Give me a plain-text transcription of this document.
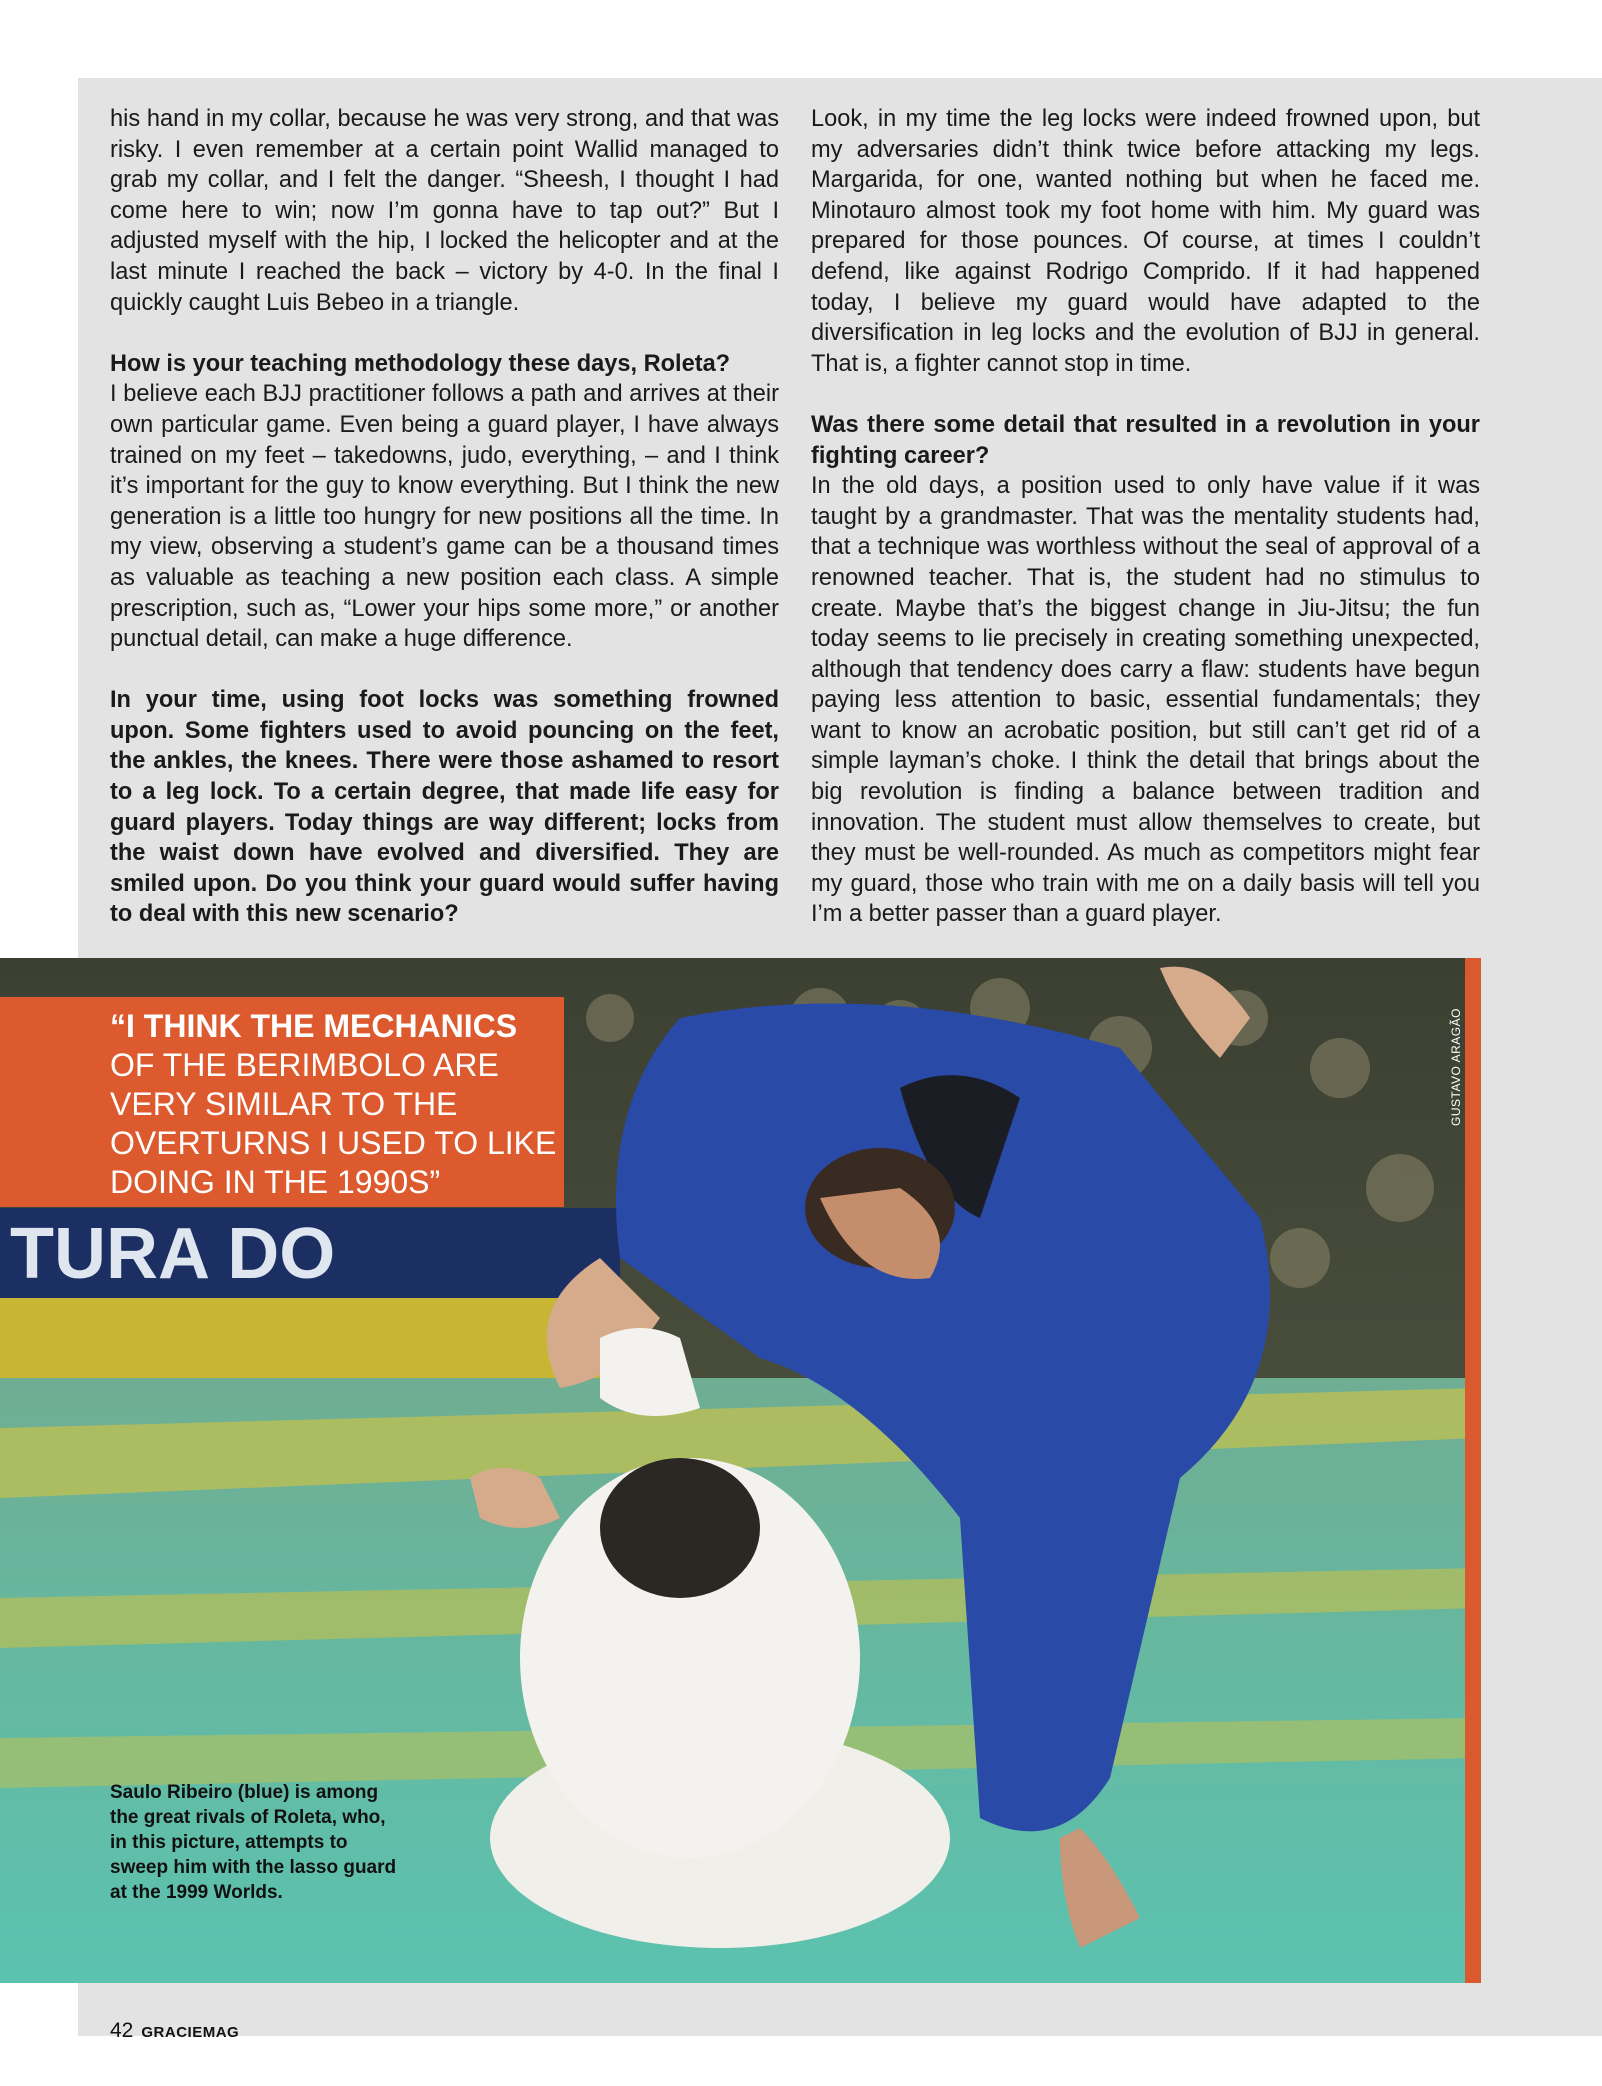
his hand in my collar, because he was very strong, and that was risky. I even remember at a certain point Wallid managed to grab my collar, and I felt the danger. “Sheesh, I thought I had come here to win; now I’m gonna have to tap out?” But I adjusted myself with the hip, I locked the helicopter and at the last minute I reached the back – victory by 4-0. In the final I quickly caught Luis Bebeo in a triangle.

How is your teaching methodology these days, Roleta?

I believe each BJJ practitioner follows a path and arrives at their own particular game. Even being a guard player, I have always trained on my feet – takedowns, judo, everything, – and I think it’s important for the guy to know everything. But I think the new generation is a little too hungry for new positions all the time. In my view, observing a student’s game can be a thousand times as valuable as teaching a new position each class. A simple prescription, such as, “Lower your hips some more,” or another punctual detail, can make a huge difference.

In your time, using foot locks was something frowned upon. Some fighters used to avoid pouncing on the feet, the ankles, the knees. There were those ashamed to resort to a leg lock. To a certain degree, that made life easy for guard players. Today things are way different; locks from the waist down have evolved and diversified. They are smiled upon. Do you think your guard would suffer having to deal with this new scenario?

Look, in my time the leg locks were indeed frowned upon, but my adversaries didn’t think twice before attacking my legs. Margarida, for one, wanted nothing but when he faced me. Minotauro almost took my foot home with him. My guard was prepared for those pounces. Of course, at times I couldn’t defend, like against Rodrigo Comprido. If it had happened today, I believe my guard would have adapted to the diversification in leg locks and the evolution of BJJ in general. That is, a fighter cannot stop in time.

Was there some detail that resulted in a revolution in your fighting career?

In the old days, a position used to only have value if it was taught by a grandmaster. That was the mentality students had, that a technique was worthless without the seal of approval of a renowned teacher. That is, the student had no stimulus to create. Maybe that’s the biggest change in Jiu-Jitsu; the fun today seems to lie precisely in creating something unexpected, although that tendency does carry a flaw: students have begun paying less attention to basic, essential fundamentals; they want to know an acrobatic position, but still can’t get rid of a simple layman’s choke. I think the detail that brings about the big revolution is finding a balance between tradition and innovation. The student must allow themselves to create, but they must be well-rounded. As much as competitors might fear my guard, those who train with me on a daily basis will tell you I’m a better passer than a guard player.

TURA DO
“I THINK THE MECHANICS
OF THE BERIMBOLO ARE VERY SIMILAR TO THE OVERTURNS I USED TO LIKE DOING IN THE 1990S”
GUSTAVO ARAGÃO
Saulo Ribeiro (blue) is among the great rivals of Roleta, who, in this picture, attempts to sweep him with the lasso guard at the 1999 Worlds.
42 GRACIEMAG
